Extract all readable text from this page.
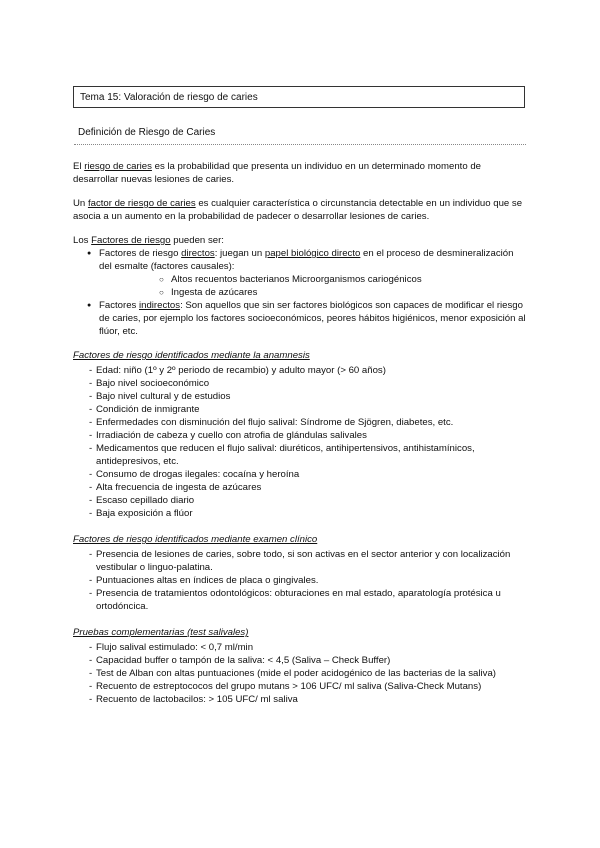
Tema 15: Valoración de riesgo de caries
Definición de Riesgo de Caries

El riesgo de caries es la probabilidad que presenta un individuo en un determinado momento de desarrollar nuevas lesiones de caries.

Un factor de riesgo de caries es cualquier característica o circunstancia detectable en un individuo que se asocia a un aumento en la probabilidad de padecer o desarrollar lesiones de caries.

Los Factores de riesgo pueden ser:
● Factores de riesgo directos: juegan un papel biológico directo en el proceso de desmineralización del esmalte (factores causales):
○ Altos recuentos bacterianos Microorganismos cariogénicos
○ Ingesta de azúcares
● Factores indirectos: Son aquellos que sin ser factores biológicos son capaces de modificar el riesgo de caries, por ejemplo los factores socioeconómicos, peores hábitos higiénicos, menor exposición al flúor, etc.
Factores de riesgo identificados mediante la anamnesis
- Edad: niño (1º y 2º periodo de recambio) y adulto mayor (> 60 años)
- Bajo nivel socioeconómico
- Bajo nivel cultural y de estudios
- Condición de inmigrante
- Enfermedades con disminución del flujo salival: Síndrome de Sjögren, diabetes, etc.
- Irradiación de cabeza y cuello con atrofia de glándulas salivales
- Medicamentos que reducen el flujo salival: diuréticos, antihipertensivos, antihistamínicos, antidepresivos, etc.
- Consumo de drogas ilegales: cocaína y heroína
- Alta frecuencia de ingesta de azúcares
- Escaso cepillado diario
- Baja exposición a flúor
Factores de riesgo identificados mediante examen clínico
- Presencia de lesiones de caries, sobre todo, si son activas en el sector anterior y con localización vestibular o linguo-palatina.
- Puntuaciones altas en índices de placa o gingivales.
- Presencia de tratamientos odontológicos: obturaciones en mal estado, aparatología protésica u ortodóncica.
Pruebas complementarias (test salivales)
- Flujo salival estimulado: < 0,7 ml/min
- Capacidad buffer o tampón de la saliva: < 4,5 (Saliva – Check Buffer)
- Test de Alban con altas puntuaciones (mide el poder acidogénico de las bacterias de la saliva)
- Recuento de estreptococos del grupo mutans > 106 UFC/ ml saliva (Saliva-Check Mutans)
- Recuento de lactobacilos: > 105 UFC/ ml saliva
